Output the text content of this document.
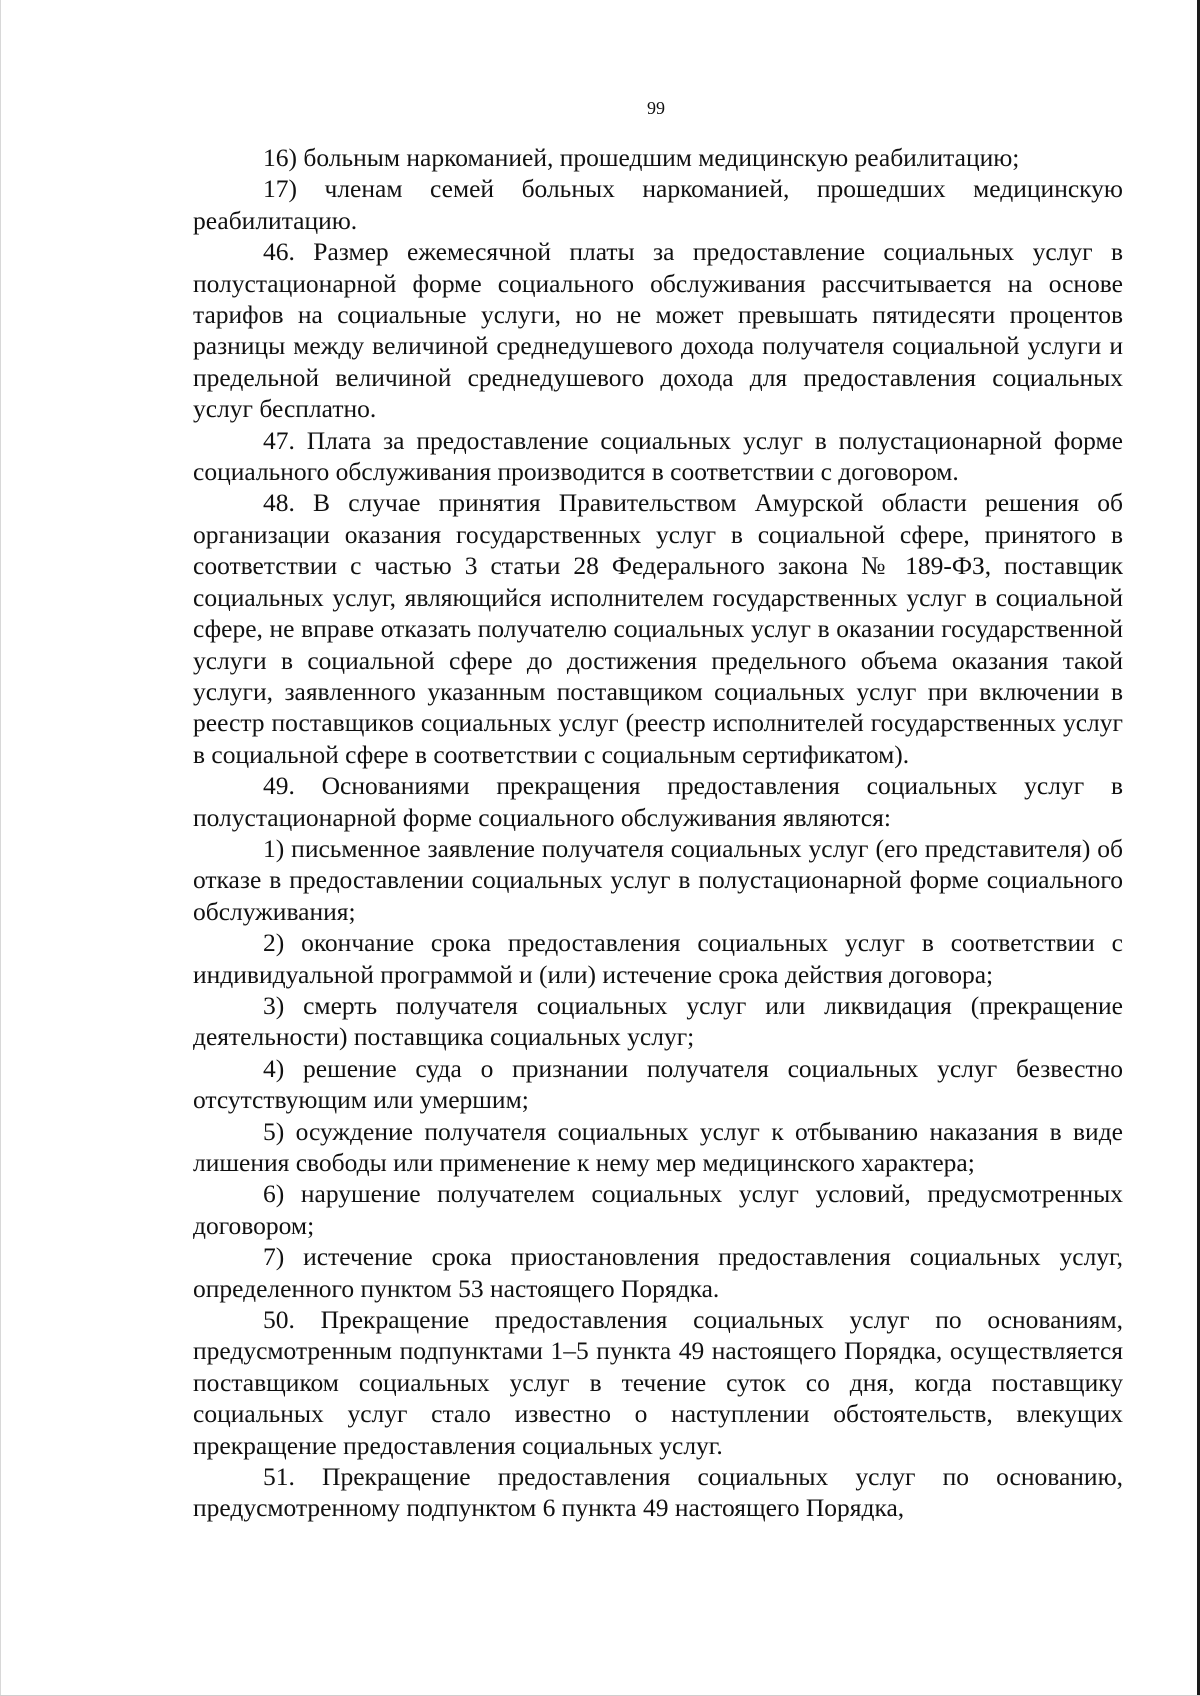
99

16) больным наркоманией, прошедшим медицинскую реабилитацию;

17) членам семей больных наркоманией, прошедших медицинскую реабилитацию.

46. Размер ежемесячной платы за предоставление социальных услуг в полустационарной форме социального обслуживания рассчитывается на основе тарифов на социальные услуги, но не может превышать пятидесяти процентов разницы между величиной среднедушевого дохода получателя социальной услуги и предельной величиной среднедушевого дохода для предоставления социальных услуг бесплатно.

47. Плата за предоставление социальных услуг в полустационарной форме социального обслуживания производится в соответствии с договором.

48. В случае принятия Правительством Амурской области решения об организации оказания государственных услуг в социальной сфере, принятого в соответствии с частью 3 статьи 28 Федерального закона № 189-ФЗ, поставщик социальных услуг, являющийся исполнителем государственных услуг в социальной сфере, не вправе отказать получателю социальных услуг в оказании государственной услуги в социальной сфере до достижения предельного объема оказания такой услуги, заявленного указанным поставщиком социальных услуг при включении в реестр поставщиков социальных услуг (реестр исполнителей государственных услуг в социальной сфере в соответствии с социальным сертификатом).

49. Основаниями прекращения предоставления социальных услуг в полустационарной форме социального обслуживания являются:

1) письменное заявление получателя социальных услуг (его представителя) об отказе в предоставлении социальных услуг в полустационарной форме социального обслуживания;

2) окончание срока предоставления социальных услуг в соответствии с индивидуальной программой и (или) истечение срока действия договора;

3) смерть получателя социальных услуг или ликвидация (прекращение деятельности) поставщика социальных услуг;

4) решение суда о признании получателя социальных услуг безвестно отсутствующим или умершим;

5) осуждение получателя социальных услуг к отбыванию наказания в виде лишения свободы или применение к нему мер медицинского характера;

6) нарушение получателем социальных услуг условий, предусмотренных договором;

7) истечение срока приостановления предоставления социальных услуг, определенного пунктом 53 настоящего Порядка.

50. Прекращение предоставления социальных услуг по основаниям, предусмотренным подпунктами 1–5 пункта 49 настоящего Порядка, осуществляется поставщиком социальных услуг в течение суток со дня, когда поставщику социальных услуг стало известно о наступлении обстоятельств, влекущих прекращение предоставления социальных услуг.

51. Прекращение предоставления социальных услуг по основанию, предусмотренному подпунктом 6 пункта 49 настоящего Порядка,
